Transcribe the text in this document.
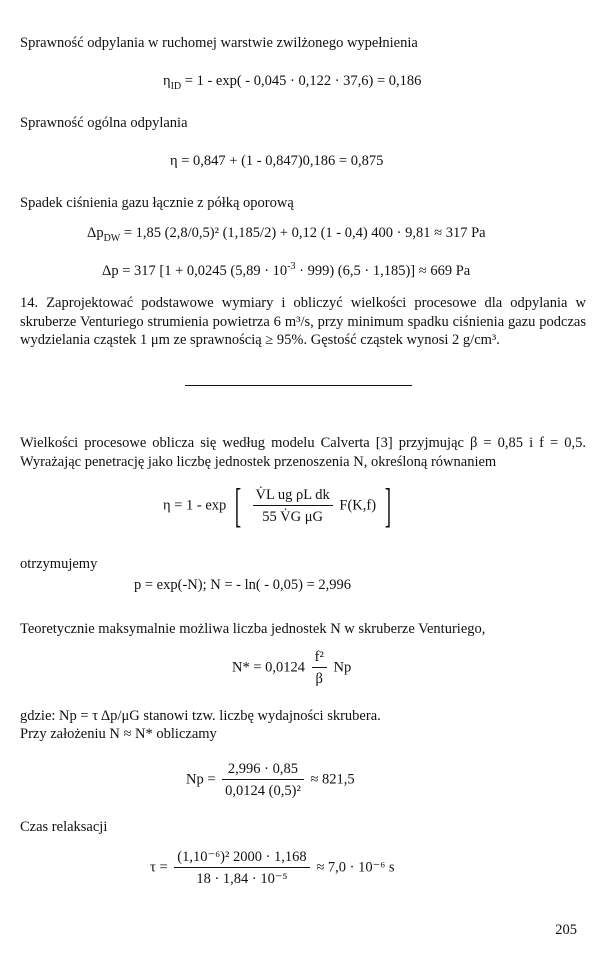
Sprawność odpylania w ruchomej warstwie zwilżonego wypełnienia
$\eta_{ID} = 1 - \exp( - 0,045 \cdot 0,122 \cdot 37,6) = 0,186$
Sprawność ogólna odpylania
η = 0,847 + (1 - 0,847)0,186 = 0,875
Spadek ciśnienia gazu łącznie z półką oporową
$\Delta p_{DW} = 1,85$ (2,8/0,5)² (1,185/2) + 0,12 (1 - 0,4) 400 · 9,81 ≈ 317 Pa
Δp = 317 [1 + 0,0245 $(5,89 \cdot 10^{-3} \cdot 999)$ (6,5 · 1,185)] ≈ 669 Pa
14. Zaprojektować podstawowe wymiary i obliczyć wielkości procesowe dla odpylania w skruberze Venturiego strumienia powietrza 6 m³/s, przy minimum spadku ciśnienia gazu podczas wydzielania cząstek 1 μm ze sprawnością ≥ 95%. Gęstość cząstek wynosi 2 g/cm³.
Wielkości procesowe oblicza się według modelu Calverta [3] przyjmując β = 0,85 i f = 0,5. Wyrażając penetrację jako liczbę jednostek przenoszenia N, określoną równaniem
η = 1 - exp [ $\frac{\text{V̇L ug ρL dk}}{\text{55 V̇G μG}} F(K,f)$ ]
otrzymujemy
p = exp(-N); N = - ln( - 0,05) = 2,996
Teoretycznie maksymalnie możliwa liczba jednostek N w skruberze Venturiego,
$N* = 0,0124 \frac{\text{f²}}{\beta}$ Np
gdzie: Np = τ Δp/μG stanowi tzw. liczbę wydajności skrubera.
Przy założeniu N ≈ N* obliczamy
$Np = \frac{2,996 \cdot 0,85}{\text{0,0124 (0,5)²}} \approx 821,5$
Czas relaksacji
$\tau = \frac{\text{(1,10⁻⁶)² 2000 · 1,168}}{\text{18 · 1,84 · 10⁻⁵}} \approx 7,0 \cdot 10^{-6}$ s
205
